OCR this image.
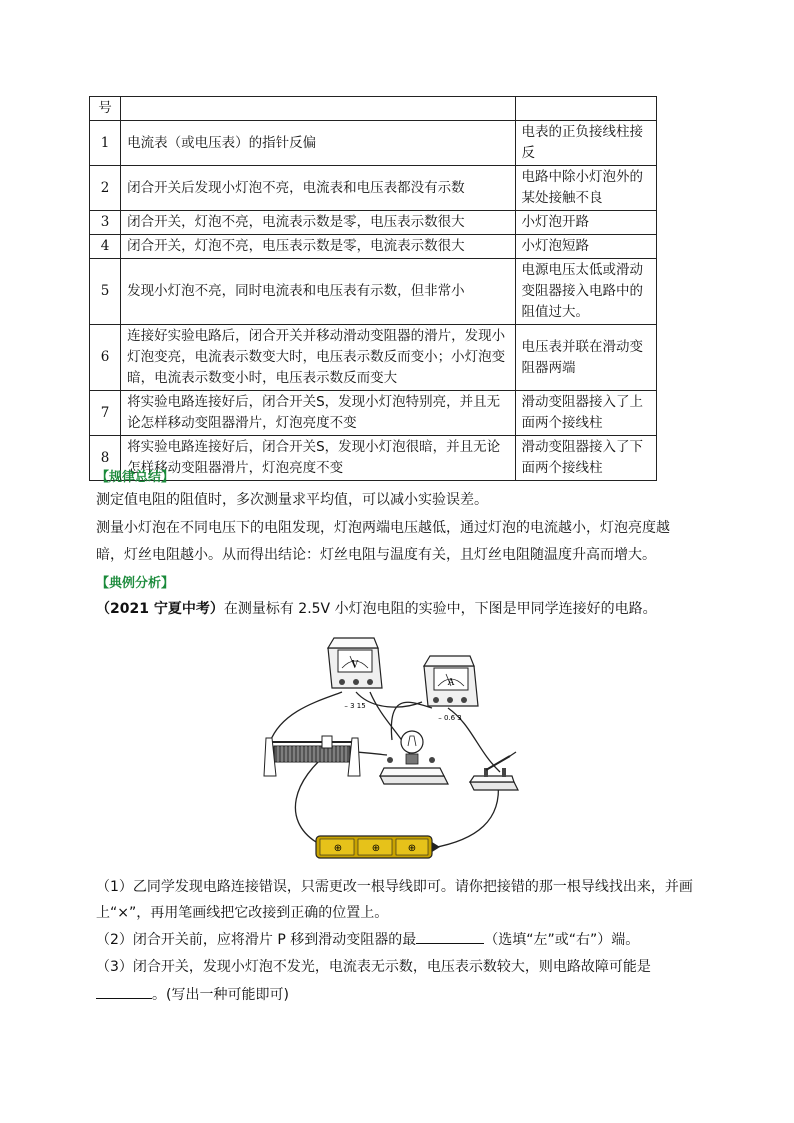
号		
1	电流表（或电压表）的指针反偏	电表的正负接线柱接反
2	闭合开关后发现小灯泡不亮，电流表和电压表都没有示数	电路中除小灯泡外的某处接触不良
3	闭合开关，灯泡不亮，电流表示数是零，电压表示数很大	小灯泡开路
4	闭合开关，灯泡不亮，电压表示数是零，电流表示数很大	小灯泡短路
5	发现小灯泡不亮，同时电流表和电压表有示数，但非常小	电源电压太低或滑动变阻器接入电路中的阻值过大。
6	连接好实验电路后，闭合开关并移动滑动变阻器的滑片，发现小灯泡变亮，电流表示数变大时，电压表示数反而变小；小灯泡变暗，电流表示数变小时，电压表示数反而变大	电压表并联在滑动变阻器两端
7	将实验电路连接好后，闭合开关S，发现小灯泡特别亮，并且无论怎样移动变阻器滑片，灯泡亮度不变	滑动变阻器接入了上面两个接线柱
8	将实验电路连接好后，闭合开关S，发现小灯泡很暗，并且无论怎样移动变阻器滑片，灯泡亮度不变	滑动变阻器接入了下面两个接线柱
【规律总结】
测定值电阻的阻值时，多次测量求平均值，可以减小实验误差。
测量小灯泡在不同电压下的电阻发现，灯泡两端电压越低，通过灯泡的电流越小，灯泡亮度越暗，灯丝电阻越小。从而得出结论：灯丝电阻与温度有关，且灯丝电阻随温度升高而增大。
【典例分析】
（2021 宁夏中考）在测量标有 2.5V 小灯泡电阻的实验中，下图是甲同学连接好的电路。
V
– 3 15
A
– 0.6 3
⊕	⊕	⊕
（1）乙同学发现电路连接错误，只需更改一根导线即可。请你把接错的那一根导线找出来，并画上“×”，再用笔画线把它改接到正确的位置上。
（2）闭合开关前，应将滑片 P 移到滑动变阻器的最	（选填“左”或“右”）端。
（3）闭合开关，发现小灯泡不发光，电流表无示数，电压表示数较大，则电路故障可能是
。(写出一种可能即可)
